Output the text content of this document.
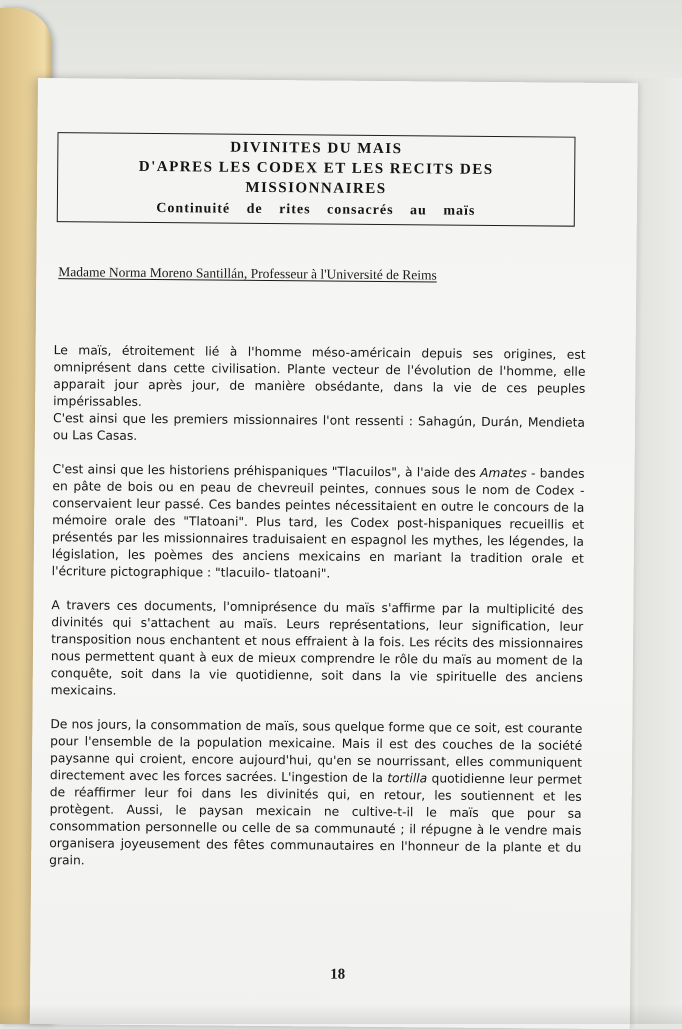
DIVINITES DU MAIS
D'APRES LES CODEX ET LES RECITS DES
MISSIONNAIRES
Continuité de rites consacrés au maïs
Madame Norma Moreno Santillán, Professeur à l'Université de Reims

Le maïs, étroitement lié à l'homme méso-américain depuis ses origines, est omniprésent dans cette civilisation. Plante vecteur de l'évolution de l'homme, elle apparait jour après jour, de manière obsédante, dans la vie de ces peuples impérissables.

C'est ainsi que les premiers missionnaires l'ont ressenti : Sahagún, Durán, Mendieta ou Las Casas.

C'est ainsi que les historiens préhispaniques "Tlacuilos", à l'aide des Amates - bandes en pâte de bois ou en peau de chevreuil peintes, connues sous le nom de Codex - conservaient leur passé. Ces bandes peintes nécessitaient en outre le concours de la mémoire orale des "Tlatoani". Plus tard, les Codex post-hispaniques recueillis et présentés par les missionnaires traduisaient en espagnol les mythes, les légendes, la législation, les poèmes des anciens mexicains en mariant la tradition orale et l'écriture pictographique : "tlacuilo- tlatoani".

A travers ces documents, l'omniprésence du maïs s'affirme par la multiplicité des divinités qui s'attachent au maïs. Leurs représentations, leur signification, leur transposition nous enchantent et nous effraient à la fois. Les récits des missionnaires nous permettent quant à eux de mieux comprendre le rôle du maïs au moment de la conquête, soit dans la vie quotidienne, soit dans la vie spirituelle des anciens mexicains.

De nos jours, la consommation de maïs, sous quelque forme que ce soit, est courante pour l'ensemble de la population mexicaine. Mais il est des couches de la société paysanne qui croient, encore aujourd'hui, qu'en se nourrissant, elles communiquent directement avec les forces sacrées. L'ingestion de la tortilla quotidienne leur permet de réaffirmer leur foi dans les divinités qui, en retour, les soutiennent et les protègent. Aussi, le paysan mexicain ne cultive-t-il le maïs que pour sa consommation personnelle ou celle de sa communauté ; il répugne à le vendre mais organisera joyeusement des fêtes communautaires en l'honneur de la plante et du grain.

18
